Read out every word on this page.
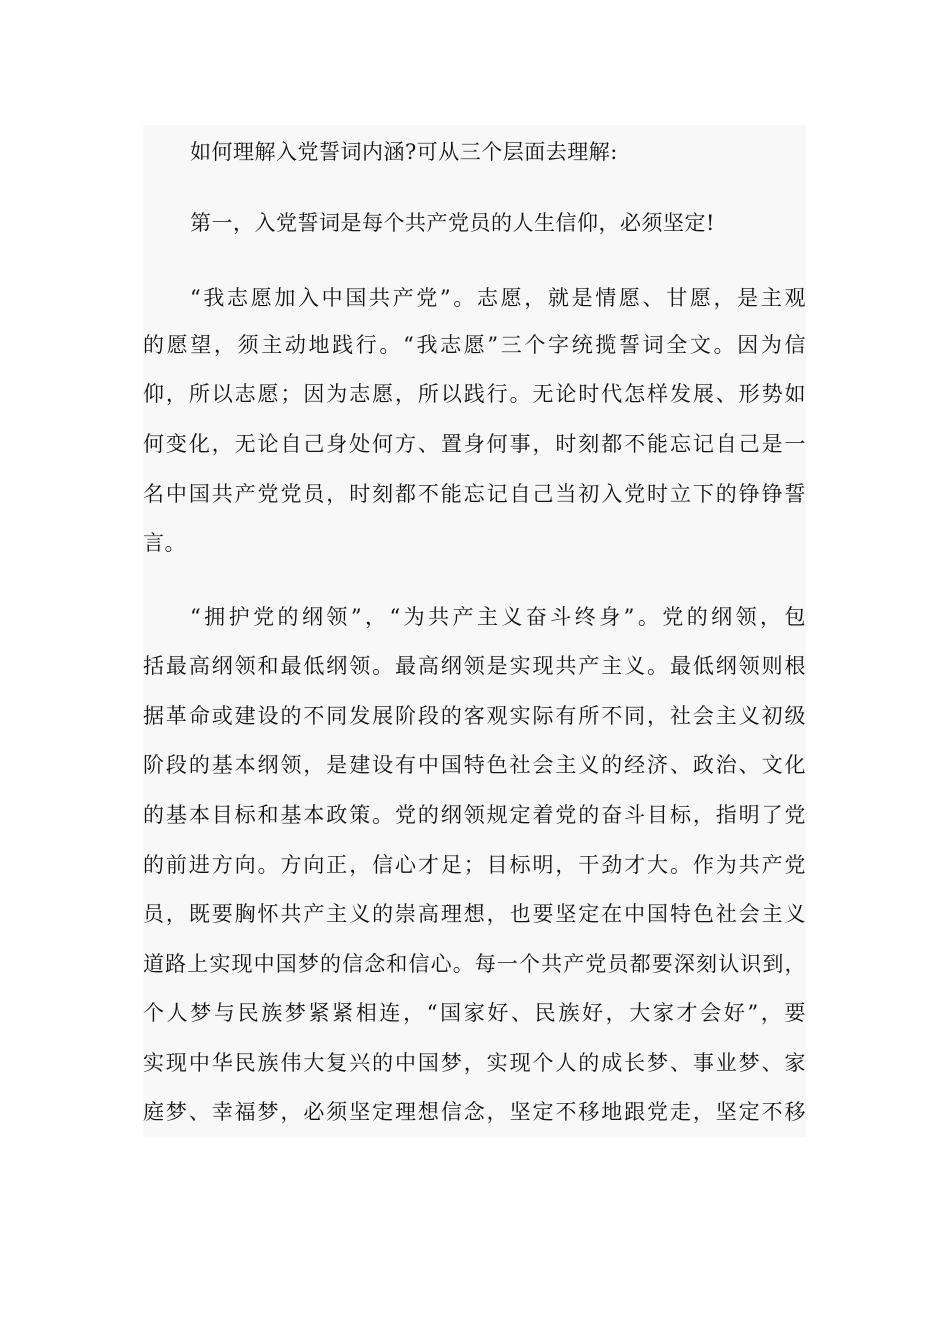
如何理解入党誓词内涵?可从三个层面去理解:
第一，入党誓词是每个共产党员的人生信仰，必须坚定!
“我志愿加入中国共产党”。志愿，就是情愿、甘愿，是主观
的愿望，须主动地践行。“我志愿”三个字统揽誓词全文。因为信
仰，所以志愿；因为志愿，所以践行。无论时代怎样发展、形势如
何变化，无论自己身处何方、置身何事，时刻都不能忘记自己是一
名中国共产党党员，时刻都不能忘记自己当初入党时立下的铮铮誓
言。
“拥护党的纲领”，“为共产主义奋斗终身”。党的纲领，包
括最高纲领和最低纲领。最高纲领是实现共产主义。最低纲领则根
据革命或建设的不同发展阶段的客观实际有所不同，社会主义初级
阶段的基本纲领，是建设有中国特色社会主义的经济、政治、文化
的基本目标和基本政策。党的纲领规定着党的奋斗目标，指明了党
的前进方向。方向正，信心才足；目标明，干劲才大。作为共产党
员，既要胸怀共产主义的崇高理想，也要坚定在中国特色社会主义
道路上实现中国梦的信念和信心。每一个共产党员都要深刻认识到，
个人梦与民族梦紧紧相连，“国家好、民族好，大家才会好”，要
实现中华民族伟大复兴的中国梦，实现个人的成长梦、事业梦、家
庭梦、幸福梦，必须坚定理想信念，坚定不移地跟党走，坚定不移
